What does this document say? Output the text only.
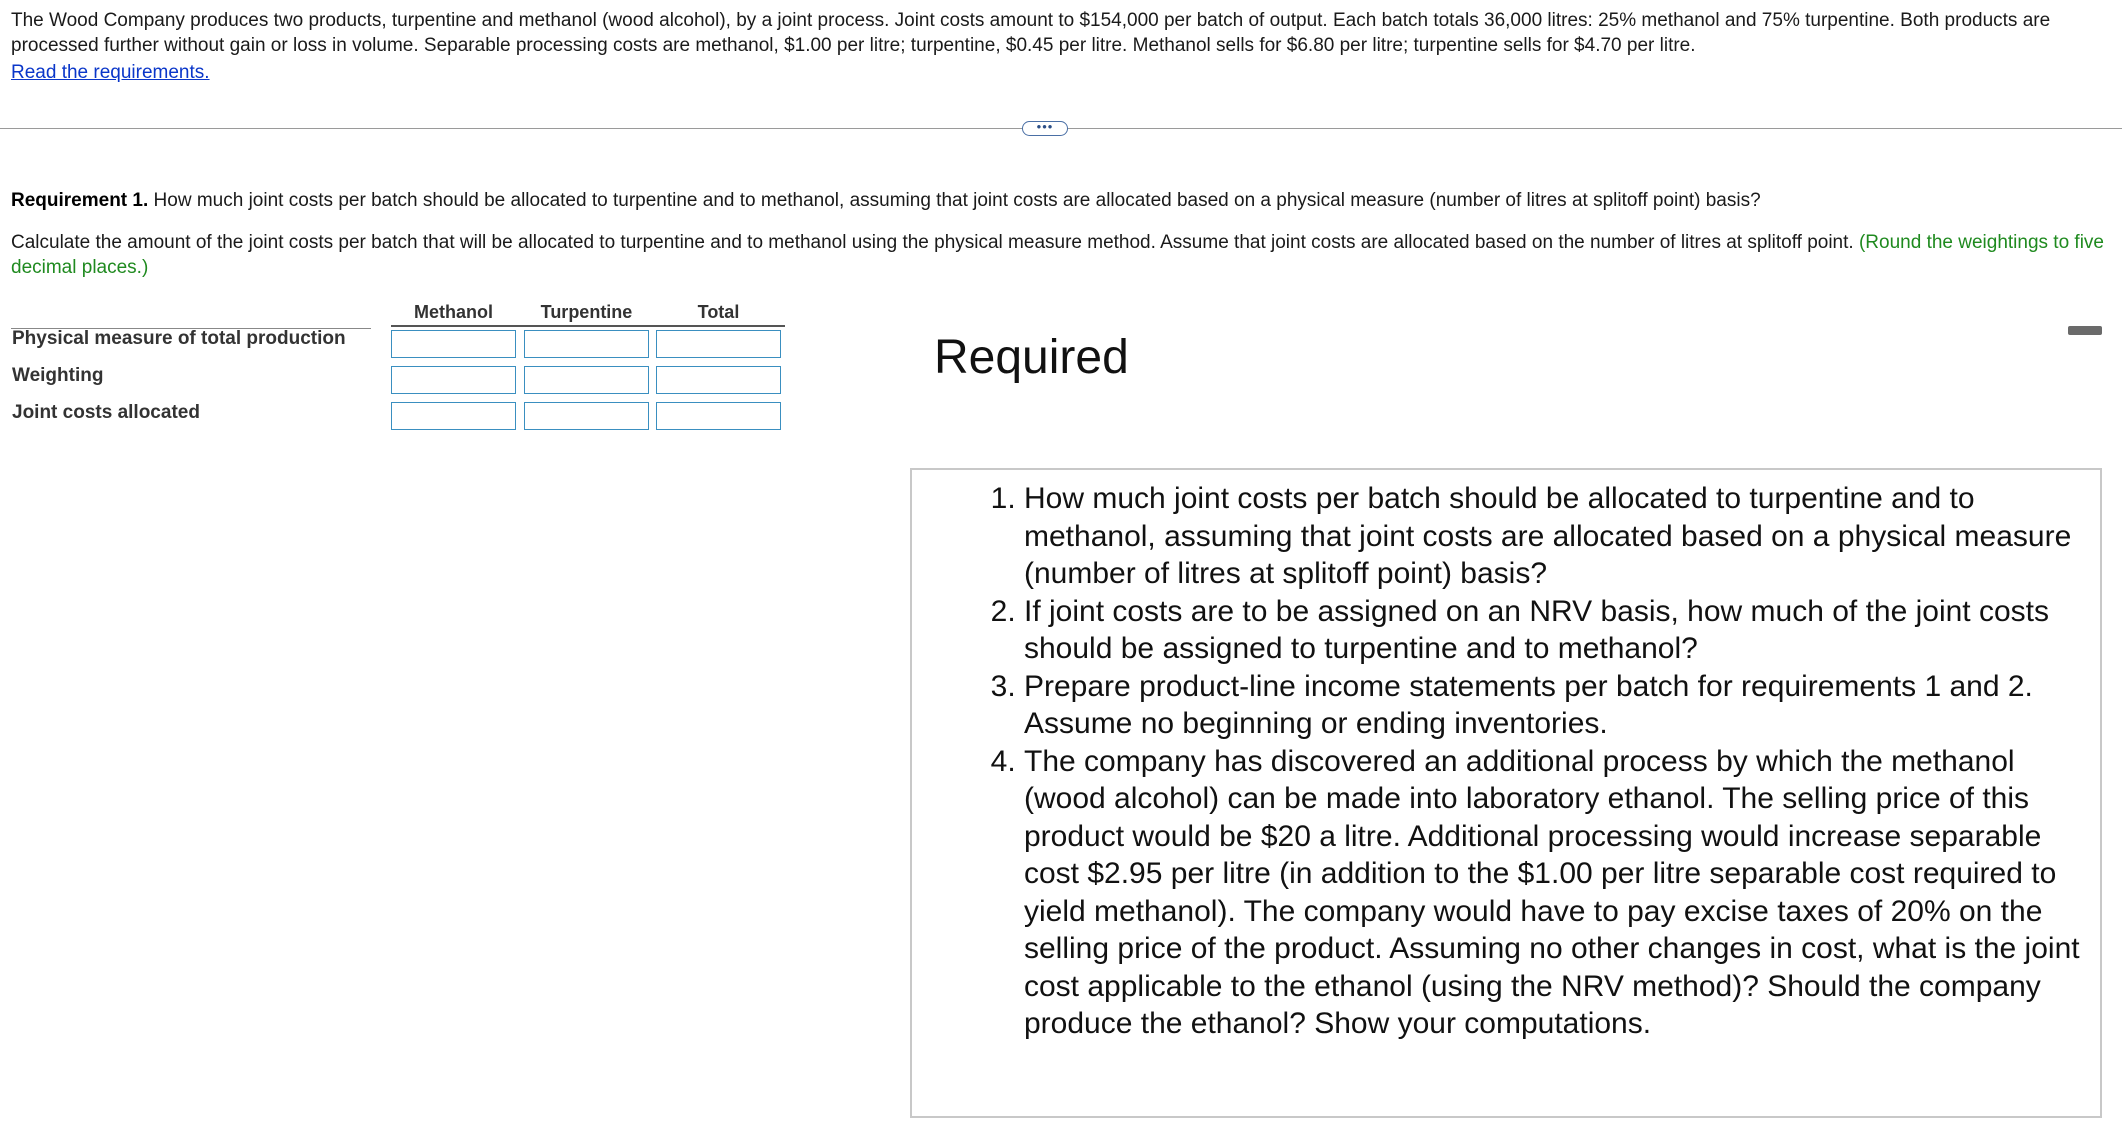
The Wood Company produces two products, turpentine and methanol (wood alcohol), by a joint process. Joint costs amount to $154,000 per batch of output. Each batch totals 36,000 litres: 25% methanol and 75% turpentine. Both products are processed further without gain or loss in volume. Separable processing costs are methanol, $1.00 per litre; turpentine, $0.45 per litre. Methanol sells for $6.80 per litre; turpentine sells for $4.70 per litre.
Read the requirements.
•••
Requirement 1. How much joint costs per batch should be allocated to turpentine and to methanol, assuming that joint costs are allocated based on a physical measure (number of litres at splitoff point) basis?
Calculate the amount of the joint costs per batch that will be allocated to turpentine and to methanol using the physical measure method. Assume that joint costs are allocated based on the number of litres at splitoff point. (Round the weightings to five decimal places.)
Methanol	Turpentine	Total
Physical measure of total production
Weighting
Joint costs allocated
Required
1. How much joint costs per batch should be allocated to turpentine and to methanol, assuming that joint costs are allocated based on a physical measure (number of litres at splitoff point) basis?
2. If joint costs are to be assigned on an NRV basis, how much of the joint costs should be assigned to turpentine and to methanol?
3. Prepare product-line income statements per batch for requirements 1 and 2. Assume no beginning or ending inventories.
4. The company has discovered an additional process by which the methanol (wood alcohol) can be made into laboratory ethanol. The selling price of this product would be $20 a litre. Additional processing would increase separable cost $2.95 per litre (in addition to the $1.00 per litre separable cost required to yield methanol). The company would have to pay excise taxes of 20% on the selling price of the product. Assuming no other changes in cost, what is the joint cost applicable to the ethanol (using the NRV method)? Should the company produce the ethanol? Show your computations.
